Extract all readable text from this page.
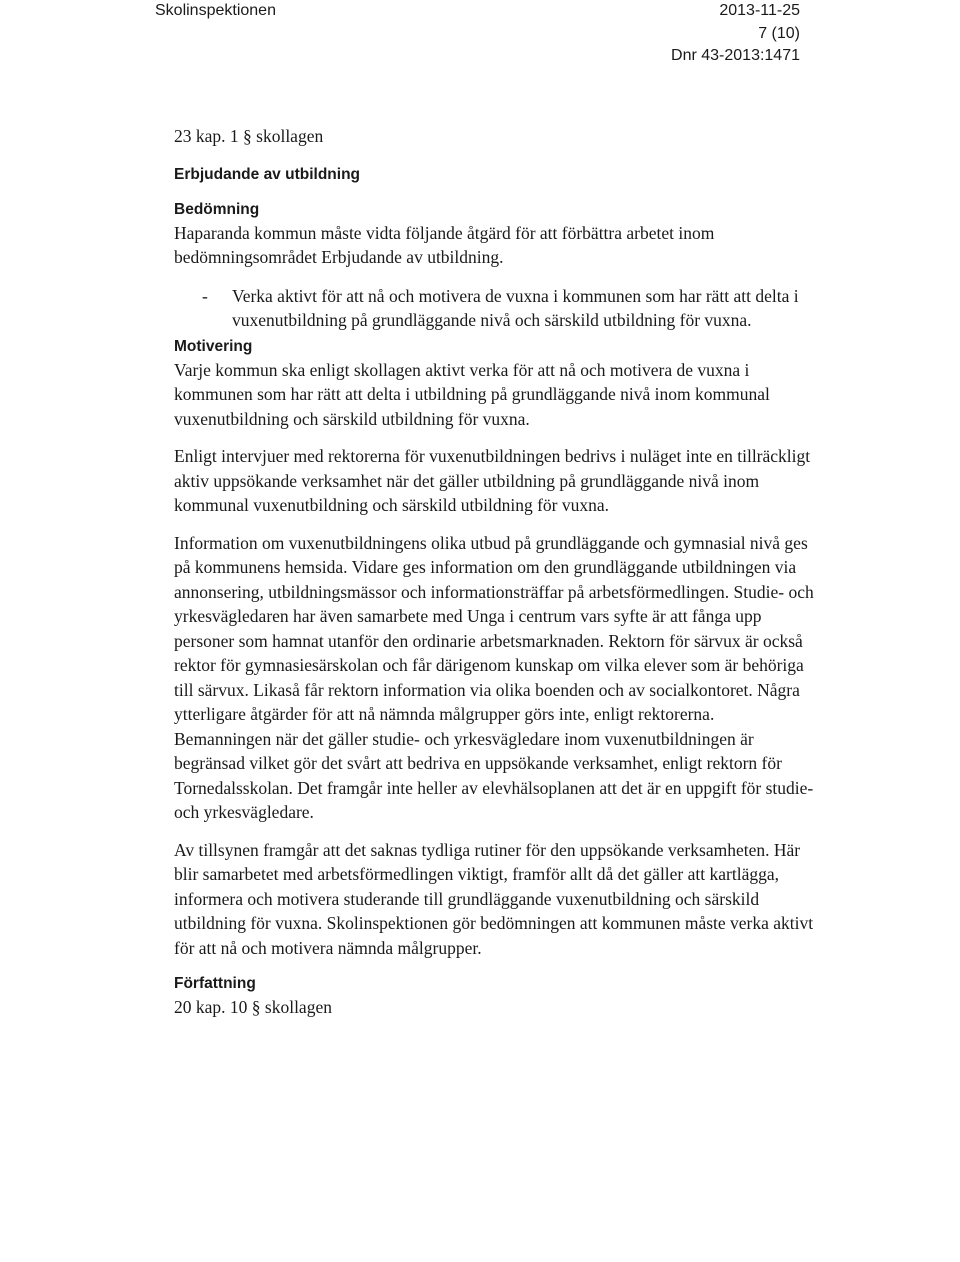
Skolinspektionen	2013-11-25
7 (10)
Dnr 43-2013:1471

23 kap. 1 § skollagen

Erbjudande av utbildning
Bedömning

Haparanda kommun måste vidta följande åtgärd för att förbättra arbetet inom bedömningsområdet Erbjudande av utbildning.

- Verka aktivt för att nå och motivera de vuxna i kommunen som har rätt att delta i vuxenutbildning på grundläggande nivå och särskild utbildning för vuxna.
Motivering

Varje kommun ska enligt skollagen aktivt verka för att nå och motivera de vuxna i kommunen som har rätt att delta i utbildning på grundläggande nivå inom kommunal vuxenutbildning och särskild utbildning för vuxna.

Enligt intervjuer med rektorerna för vuxenutbildningen bedrivs i nuläget inte en tillräckligt aktiv uppsökande verksamhet när det gäller utbildning på grundläggande nivå inom kommunal vuxenutbildning och särskild utbildning för vuxna.

Information om vuxenutbildningens olika utbud på grundläggande och gymnasial nivå ges på kommunens hemsida. Vidare ges information om den grundläggande utbildningen via annonsering, utbildningsmässor och informationsträffar på arbetsförmedlingen. Studie- och yrkesvägledaren har även samarbete med Unga i centrum vars syfte är att fånga upp personer som hamnat utanför den ordinarie arbetsmarknaden. Rektorn för särvux är också rektor för gymnasiesärskolan och får därigenom kunskap om vilka elever som är behöriga till särvux. Likaså får rektorn information via olika boenden och av socialkontoret. Några ytterligare åtgärder för att nå nämnda målgrupper görs inte, enligt rektorerna. Bemanningen när det gäller studie- och yrkesvägledare inom vuxenutbildningen är begränsad vilket gör det svårt att bedriva en uppsökande verksamhet, enligt rektorn för Tornedalsskolan. Det framgår inte heller av elevhälsoplanen att det är en uppgift för studie- och yrkesvägledare.

Av tillsynen framgår att det saknas tydliga rutiner för den uppsökande verksamheten. Här blir samarbetet med arbetsförmedlingen viktigt, framför allt då det gäller att kartlägga, informera och motivera studerande till grundläggande vuxenutbildning och särskild utbildning för vuxna. Skolinspektionen gör bedömningen att kommunen måste verka aktivt för att nå och motivera nämnda målgrupper.

Författning

20 kap. 10 § skollagen
